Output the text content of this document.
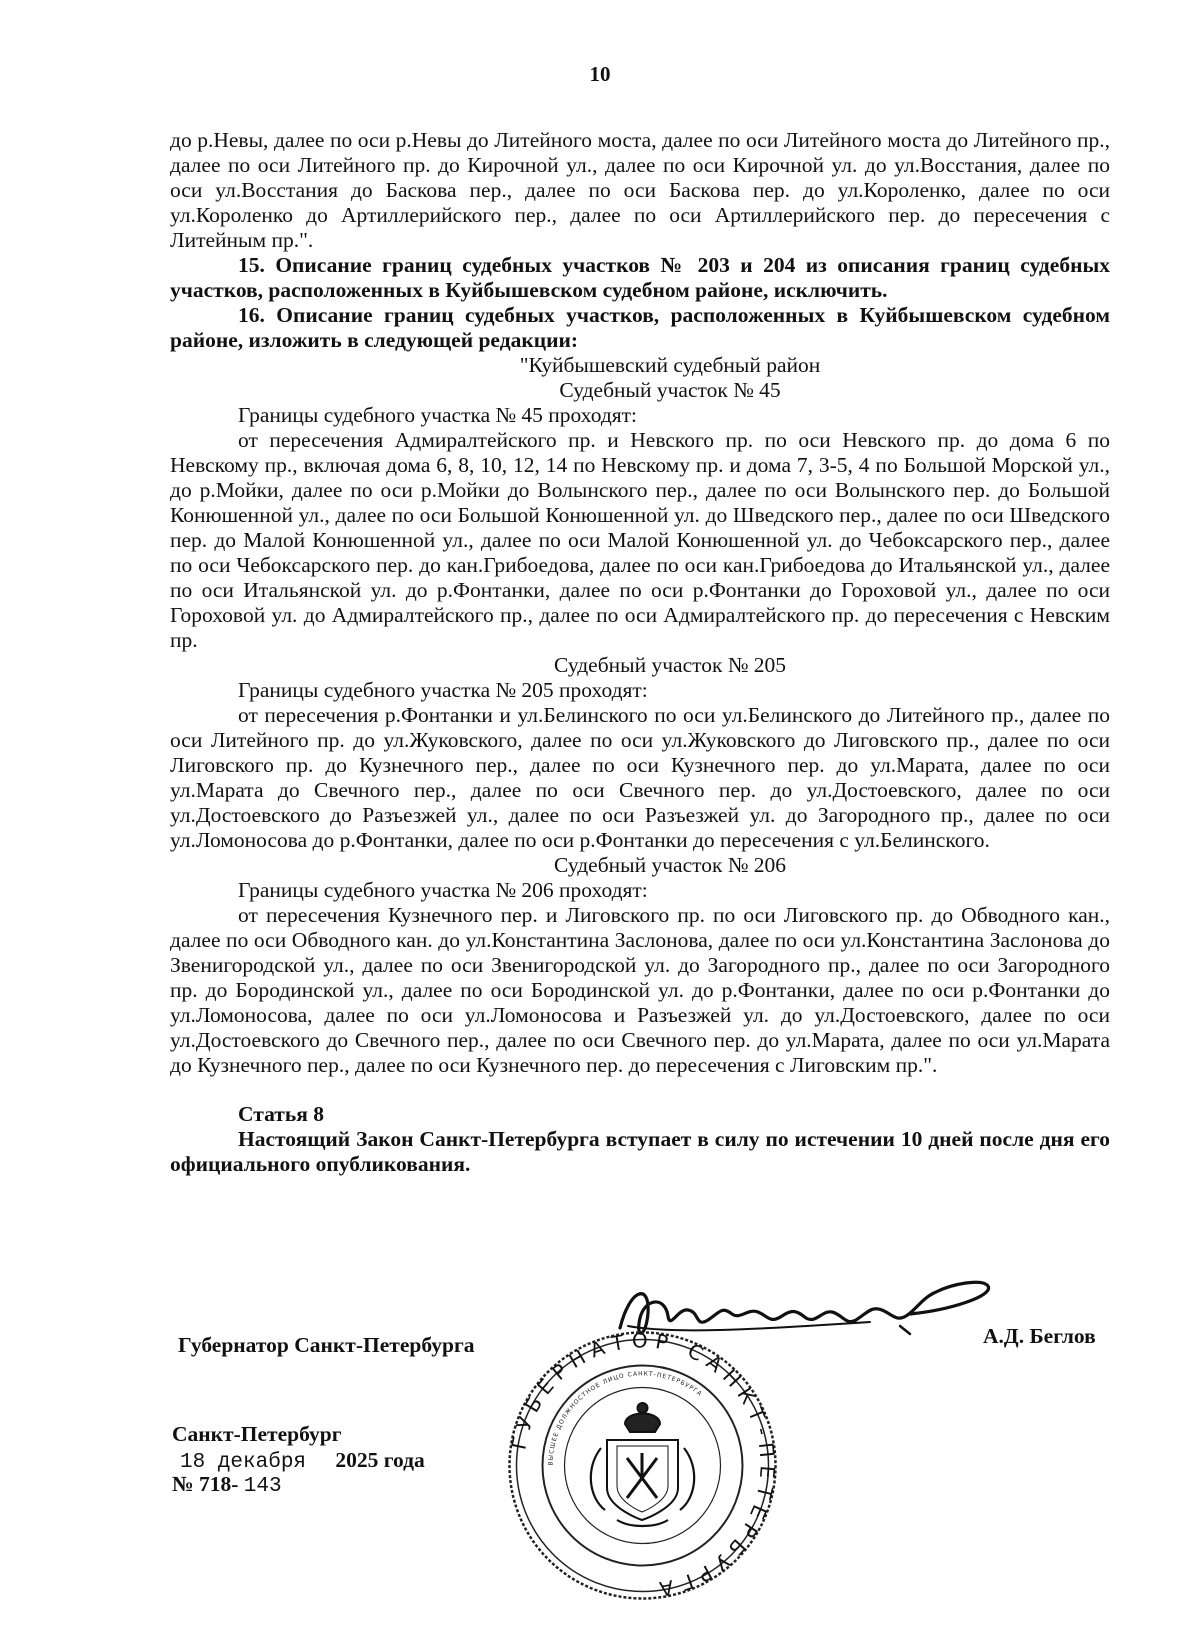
10

до р.Невы, далее по оси р.Невы до Литейного моста, далее по оси Литейного моста до Литейного пр., далее по оси Литейного пр. до Кирочной ул., далее по оси Кирочной ул. до ул.Восстания, далее по оси ул.Восстания до Баскова пер., далее по оси Баскова пер. до ул.Короленко, далее по оси ул.Короленко до Артиллерийского пер., далее по оси Артиллерийского пер. до пересечения с Литейным пр.".

15. Описание границ судебных участков № 203 и 204 из описания границ судебных участков, расположенных в Куйбышевском судебном районе, исключить.

16. Описание границ судебных участков, расположенных в Куйбышевском судебном районе, изложить в следующей редакции:

"Куйбышевский судебный район

Судебный участок № 45

Границы судебного участка № 45 проходят:

от пересечения Адмиралтейского пр. и Невского пр. по оси Невского пр. до дома 6 по Невскому пр., включая дома 6, 8, 10, 12, 14 по Невскому пр. и дома 7, 3-5, 4 по Большой Морской ул., до р.Мойки, далее по оси р.Мойки до Волынского пер., далее по оси Волынского пер. до Большой Конюшенной ул., далее по оси Большой Конюшенной ул. до Шведского пер., далее по оси Шведского пер. до Малой Конюшенной ул., далее по оси Малой Конюшенной ул. до Чебоксарского пер., далее по оси Чебоксарского пер. до кан.Грибоедова, далее по оси кан.Грибоедова до Итальянской ул., далее по оси Итальянской ул. до р.Фонтанки, далее по оси р.Фонтанки до Гороховой ул., далее по оси Гороховой ул. до Адмиралтейского пр., далее по оси Адмиралтейского пр. до пересечения с Невским пр.

Судебный участок № 205

Границы судебного участка № 205 проходят:

от пересечения р.Фонтанки и ул.Белинского по оси ул.Белинского до Литейного пр., далее по оси Литейного пр. до ул.Жуковского, далее по оси ул.Жуковского до Лиговского пр., далее по оси Лиговского пр. до Кузнечного пер., далее по оси Кузнечного пер. до ул.Марата, далее по оси ул.Марата до Свечного пер., далее по оси Свечного пер. до ул.Достоевского, далее по оси ул.Достоевского до Разъезжей ул., далее по оси Разъезжей ул. до Загородного пр., далее по оси ул.Ломоносова до р.Фонтанки, далее по оси р.Фонтанки до пересечения с ул.Белинского.

Судебный участок № 206

Границы судебного участка № 206 проходят:

от пересечения Кузнечного пер. и Лиговского пр. по оси Лиговского пр. до Обводного кан., далее по оси Обводного кан. до ул.Константина Заслонова, далее по оси ул.Константина Заслонова до Звенигородской ул., далее по оси Звенигородской ул. до Загородного пр., далее по оси Загородного пр. до Бородинской ул., далее по оси Бородинской ул. до р.Фонтанки, далее по оси р.Фонтанки до ул.Ломоносова, далее по оси ул.Ломоносова и Разъезжей ул. до ул.Достоевского, далее по оси ул.Достоевского до Свечного пер., далее по оси Свечного пер. до ул.Марата, далее по оси ул.Марата до Кузнечного пер., далее по оси Кузнечного пер. до пересечения с Лиговским пр.".

Статья 8

Настоящий Закон Санкт-Петербурга вступает в силу по истечении 10 дней после дня его официального опубликования.

Губернатор Санкт-Петербурга	А.Д. Беглов
Санкт-Петербург
18 декабря 2025 года
№ 718- 143
ГУБЕРНАТОР САНКТ-ПЕТЕРБУРГА
ВЫСШЕЕ ДОЛЖНОСТНОЕ ЛИЦО САНКТ-ПЕТЕРБУРГА
